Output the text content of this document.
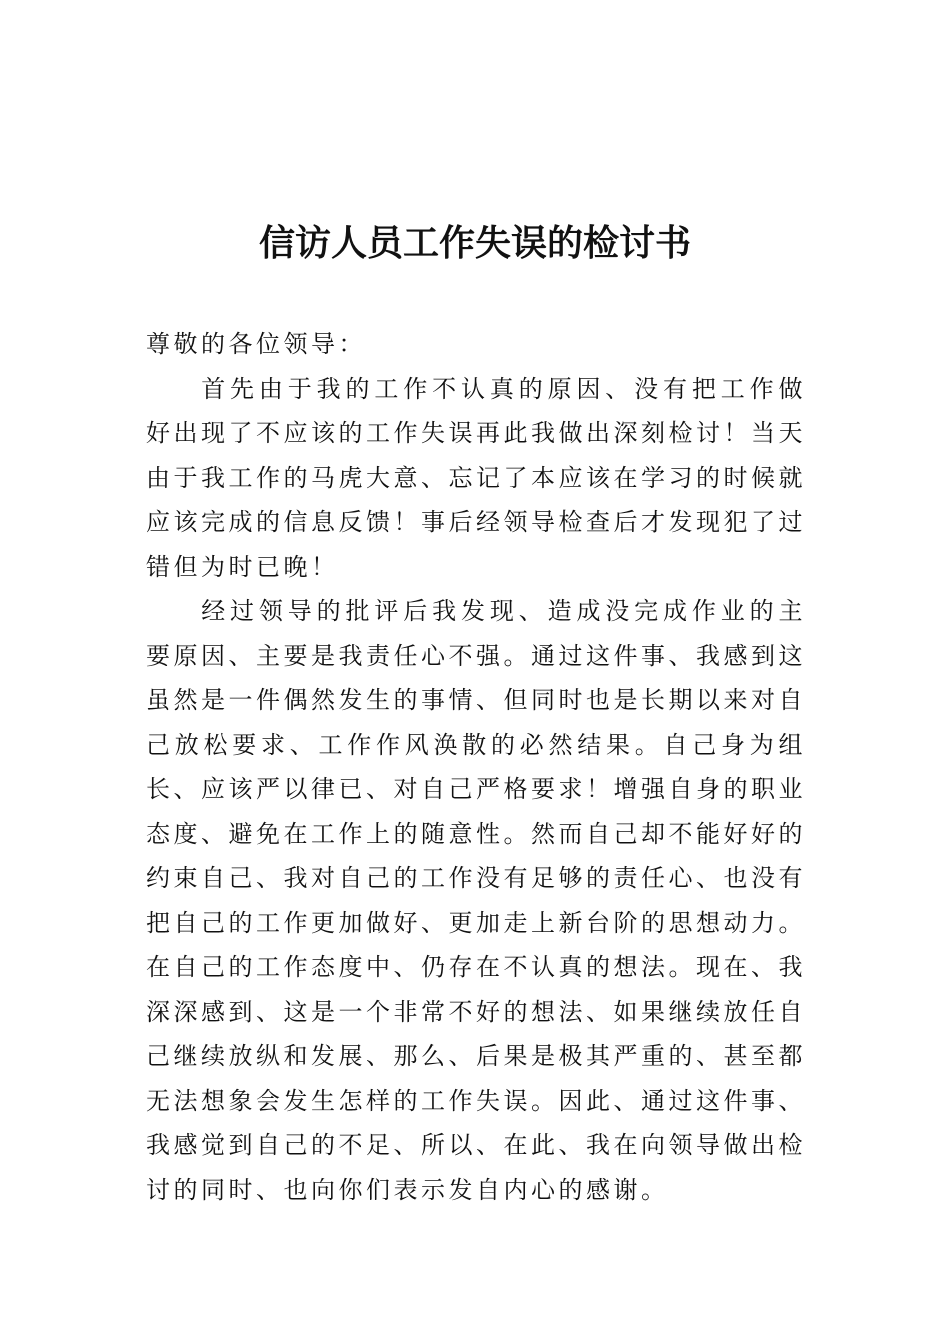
信访人员工作失误的检讨书

尊敬的各位领导：

首先由于我的工作不认真的原因、没有把工作做好出现了不应该的工作失误再此我做出深刻检讨！当天由于我工作的马虎大意、忘记了本应该在学习的时候就应该完成的信息反馈！事后经领导检查后才发现犯了过错但为时已晚！

经过领导的批评后我发现、造成没完成作业的主要原因、主要是我责任心不强。通过这件事、我感到这虽然是一件偶然发生的事情、但同时也是长期以来对自己放松要求、工作作风涣散的必然结果。自己身为组长、应该严以律已、对自己严格要求！增强自身的职业态度、避免在工作上的随意性。然而自己却不能好好的约束自己、我对自己的工作没有足够的责任心、也没有把自己的工作更加做好、更加走上新台阶的思想动力。在自己的工作态度中、仍存在不认真的想法。现在、我深深感到、这是一个非常不好的想法、如果继续放任自己继续放纵和发展、那么、后果是极其严重的、甚至都无法想象会发生怎样的工作失误。因此、通过这件事、我感觉到自己的不足、所以、在此、我在向领导做出检讨的同时、也向你们表示发自内心的感谢。
